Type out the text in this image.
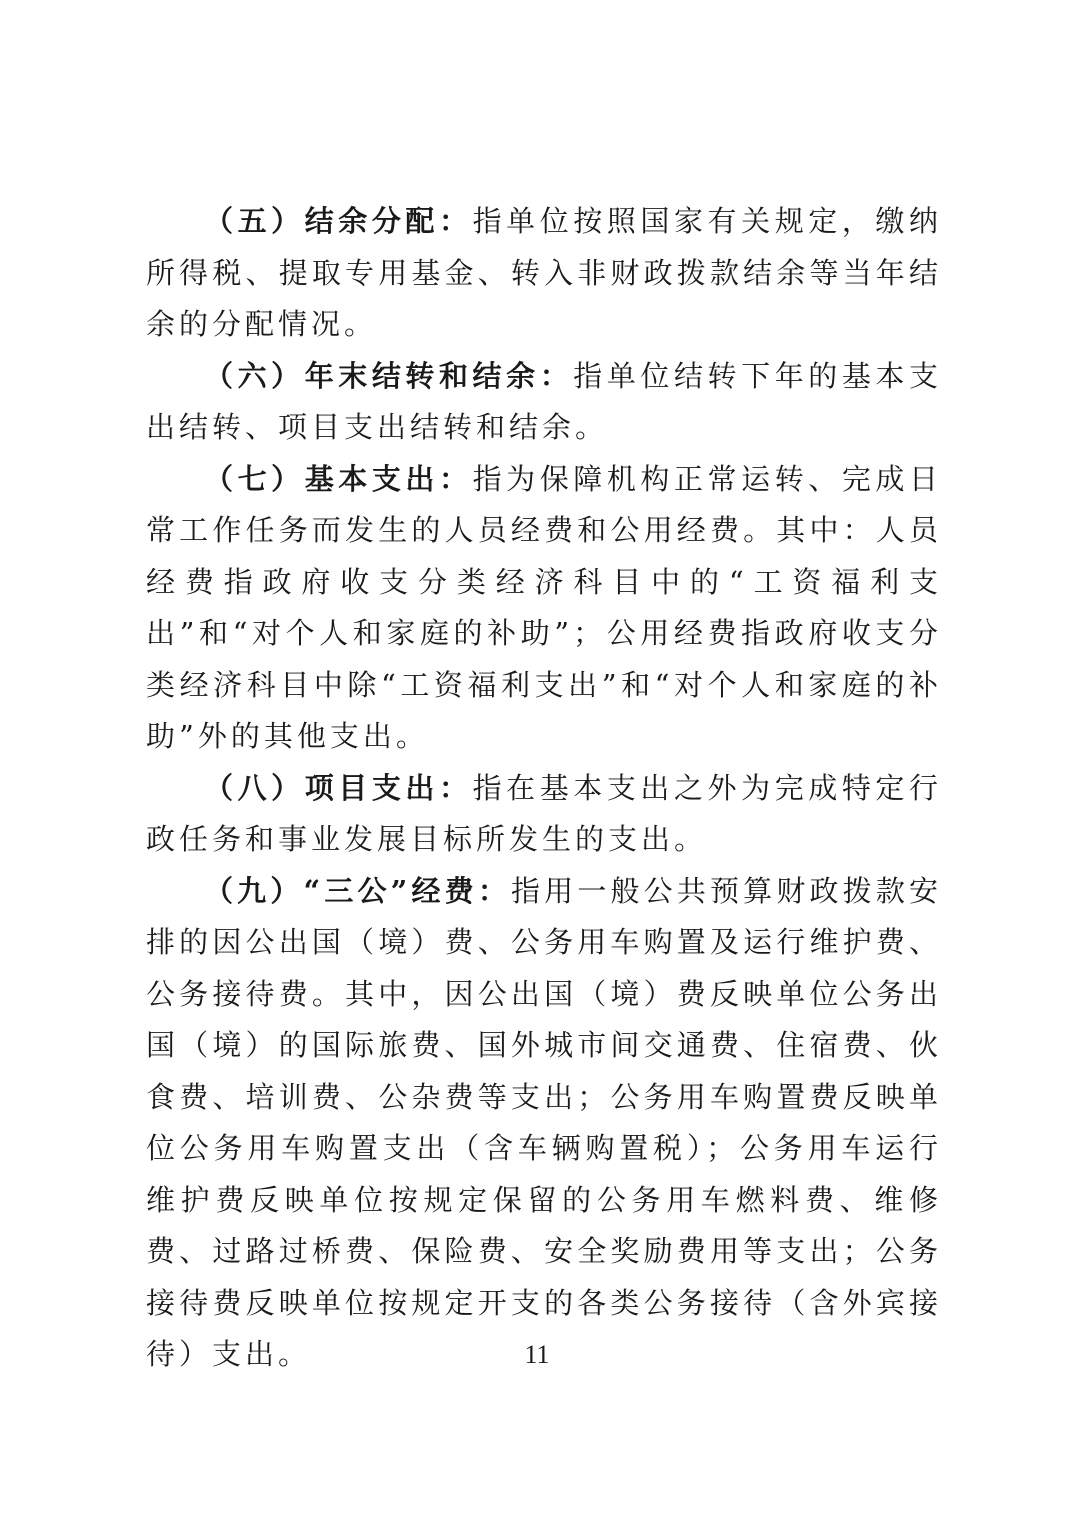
（五）结余分配：指单位按照国家有关规定，缴纳所得税、提取专用基金、转入非财政拨款结余等当年结余的分配情况。

（六）年末结转和结余：指单位结转下年的基本支出结转、项目支出结转和结余。

（七）基本支出：指为保障机构正常运转、完成日常工作任务而发生的人员经费和公用经费。其中：人员经费指政府收支分类经济科目中的“工资福利支出”和“对个人和家庭的补助”；公用经费指政府收支分类经济科目中除“工资福利支出”和“对个人和家庭的补助”外的其他支出。

（八）项目支出：指在基本支出之外为完成特定行政任务和事业发展目标所发生的支出。

（九）“三公”经费：指用一般公共预算财政拨款安排的因公出国（境）费、公务用车购置及运行维护费、公务接待费。其中，因公出国（境）费反映单位公务出国（境）的国际旅费、国外城市间交通费、住宿费、伙食费、培训费、公杂费等支出；公务用车购置费反映单位公务用车购置支出（含车辆购置税）；公务用车运行维护费反映单位按规定保留的公务用车燃料费、维修费、过路过桥费、保险费、安全奖励费用等支出；公务接待费反映单位按规定开支的各类公务接待（含外宾接待）支出。	11
